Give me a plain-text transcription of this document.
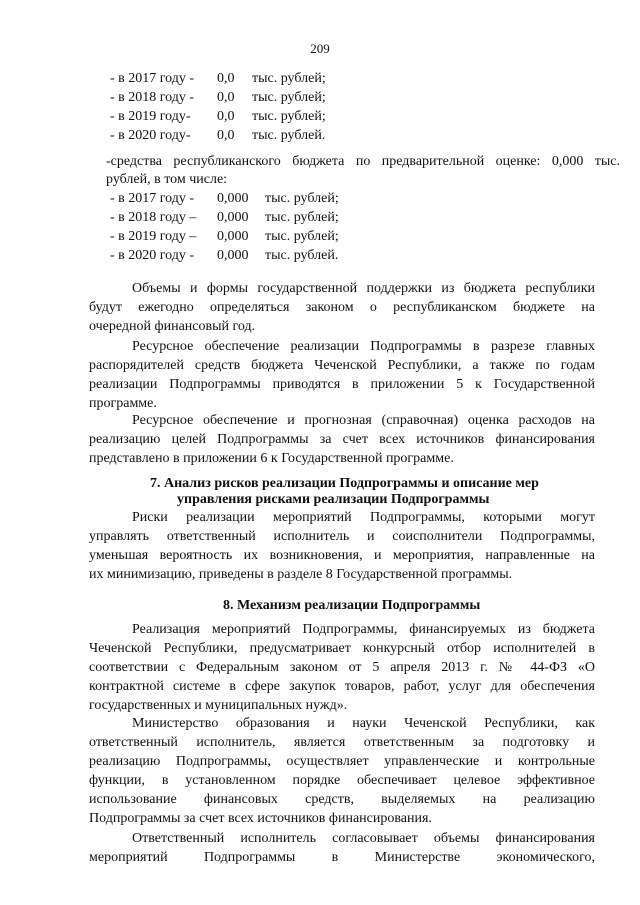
209
- в 2017 году - 0,0 тыс. рублей;
- в 2018 году - 0,0 тыс. рублей;
- в 2019 году- 0,0 тыс. рублей;
- в 2020 году- 0,0 тыс. рублей.
-средства республиканского бюджета по предварительной оценке: 0,000 тыс.
рублей, в том числе:
- в 2017 году - 0,000 тыс. рублей;
- в 2018 году – 0,000 тыс. рублей;
- в 2019 году – 0,000 тыс. рублей;
- в 2020 году - 0,000 тыс. рублей.
Объемы и формы государственной поддержки из бюджета республики
будут ежегодно определяться законом о республиканском бюджете на
очередной финансовый год.
Ресурсное обеспечение реализации Подпрограммы в разрезе главных
распорядителей средств бюджета Чеченской Республики, а также по годам
реализации Подпрограммы приводятся в приложении 5 к Государственной
программе.
Ресурсное обеспечение и прогнозная (справочная) оценка расходов на
реализацию целей Подпрограммы за счет всех источников финансирования
представлено в приложении 6 к Государственной программе.
7. Анализ рисков реализации Подпрограммы и описание мер
управления рисками реализации Подпрограммы
Риски реализации мероприятий Подпрограммы, которыми могут
управлять ответственный исполнитель и соисполнители Подпрограммы,
уменьшая вероятность их возникновения, и мероприятия, направленные на
их минимизацию, приведены в разделе 8 Государственной программы.
8. Механизм реализации Подпрограммы
Реализация мероприятий Подпрограммы, финансируемых из бюджета
Чеченской Республики, предусматривает конкурсный отбор исполнителей в
соответствии с Федеральным законом от 5 апреля 2013 г. № 44-ФЗ «О
контрактной системе в сфере закупок товаров, работ, услуг для обеспечения
государственных и муниципальных нужд».
Министерство образования и науки Чеченской Республики, как
ответственный исполнитель, является ответственным за подготовку и
реализацию Подпрограммы, осуществляет управленческие и контрольные
функции, в установленном порядке обеспечивает целевое эффективное
использование финансовых средств, выделяемых на реализацию
Подпрограммы за счет всех источников финансирования.
Ответственный исполнитель согласовывает объемы финансирования
мероприятий Подпрограммы в Министерстве экономического,
